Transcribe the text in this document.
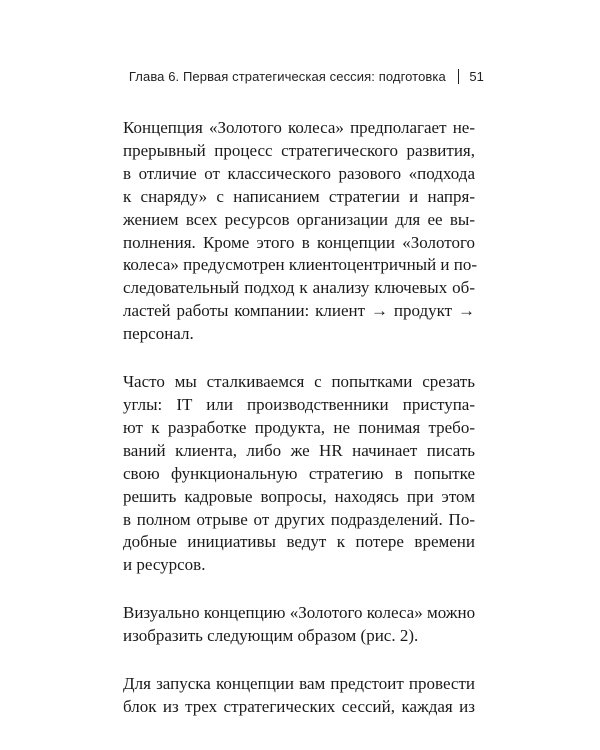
Глава 6. Первая стратегическая сессия: подготовка 51

Концепция «Золотого колеса» предполагает не-
прерывный процесс стратегического развития,
в отличие от классического разового «подхода
к снаряду» с написанием стратегии и напря-
жением всех ресурсов организации для ее вы-
полнения. Кроме этого в концепции «Золотого
колеса» предусмотрен клиентоцентричный и по-
следовательный подход к анализу ключевых об-
ластей работы компании: клиент → продукт →
персонал.

Часто мы сталкиваемся с попытками срезать
углы: IT или производственники приступа-
ют к разработке продукта, не понимая требо-
ваний клиента, либо же HR начинает писать
свою функциональную стратегию в попытке
решить кадровые вопросы, находясь при этом
в полном отрыве от других подразделений. По-
добные инициативы ведут к потере времени
и ресурсов.

Визуально концепцию «Золотого колеса» можно
изобразить следующим образом (рис. 2).

Для запуска концепции вам предстоит провести
блок из трех стратегических сессий, каждая из
